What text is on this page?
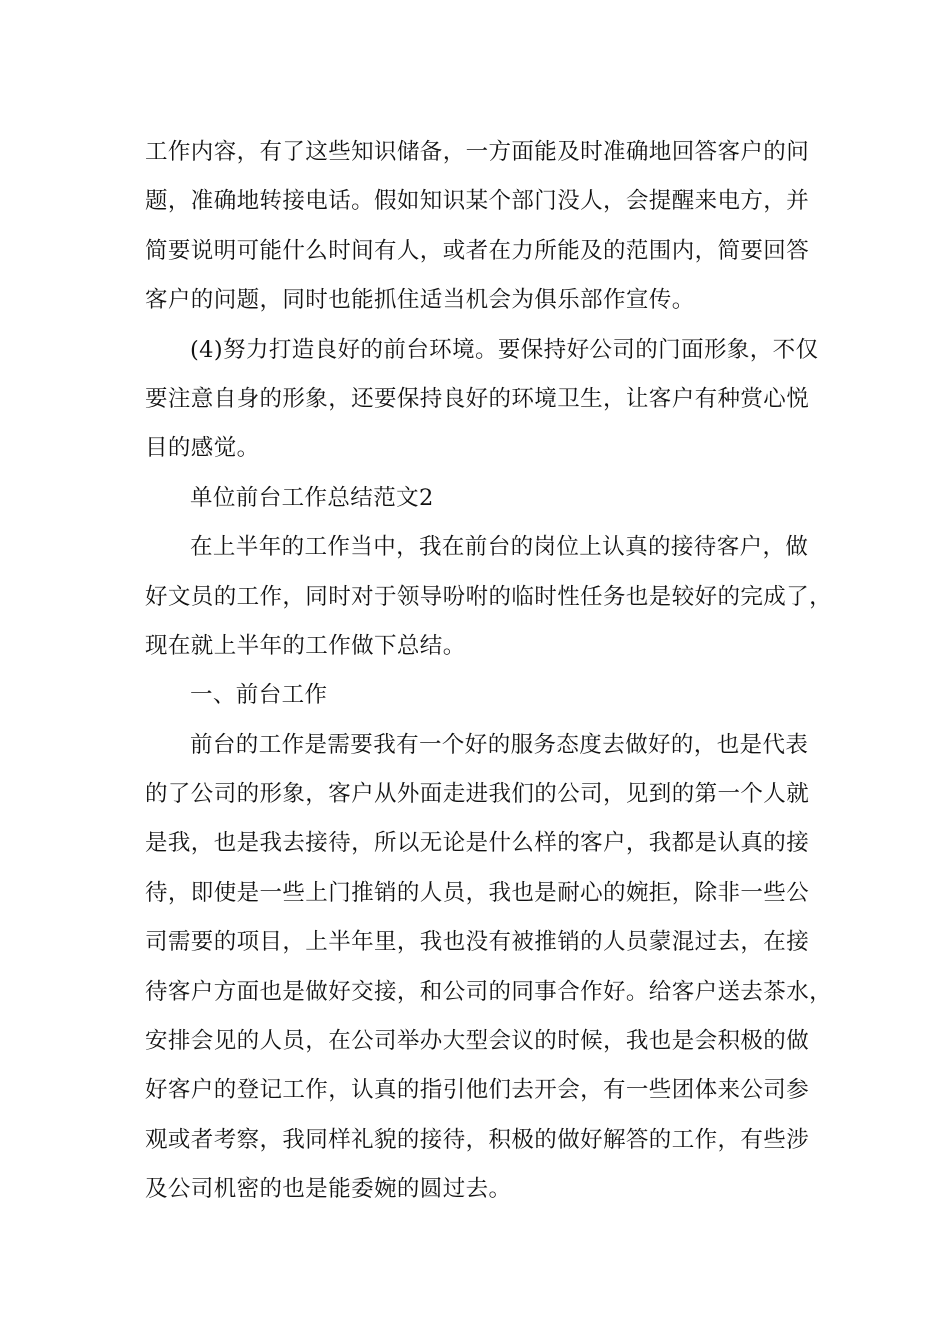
工作内容，有了这些知识储备，一方面能及时准确地回答客户的问
题，准确地转接电话。假如知识某个部门没人，会提醒来电方，并
简要说明可能什么时间有人，或者在力所能及的范围内，简要回答
客户的问题，同时也能抓住适当机会为俱乐部作宣传。
(4)努力打造良好的前台环境。要保持好公司的门面形象，不仅
要注意自身的形象，还要保持良好的环境卫生，让客户有种赏心悦
目的感觉。
单位前台工作总结范文2
在上半年的工作当中，我在前台的岗位上认真的接待客户，做
好文员的工作，同时对于领导吩咐的临时性任务也是较好的完成了，
现在就上半年的工作做下总结。
一、前台工作
前台的工作是需要我有一个好的服务态度去做好的，也是代表
的了公司的形象，客户从外面走进我们的公司，见到的第一个人就
是我，也是我去接待，所以无论是什么样的客户，我都是认真的接
待，即使是一些上门推销的人员，我也是耐心的婉拒，除非一些公
司需要的项目，上半年里，我也没有被推销的人员蒙混过去，在接
待客户方面也是做好交接，和公司的同事合作好。给客户送去茶水，
安排会见的人员，在公司举办大型会议的时候，我也是会积极的做
好客户的登记工作，认真的指引他们去开会，有一些团体来公司参
观或者考察，我同样礼貌的接待，积极的做好解答的工作，有些涉
及公司机密的也是能委婉的圆过去。
